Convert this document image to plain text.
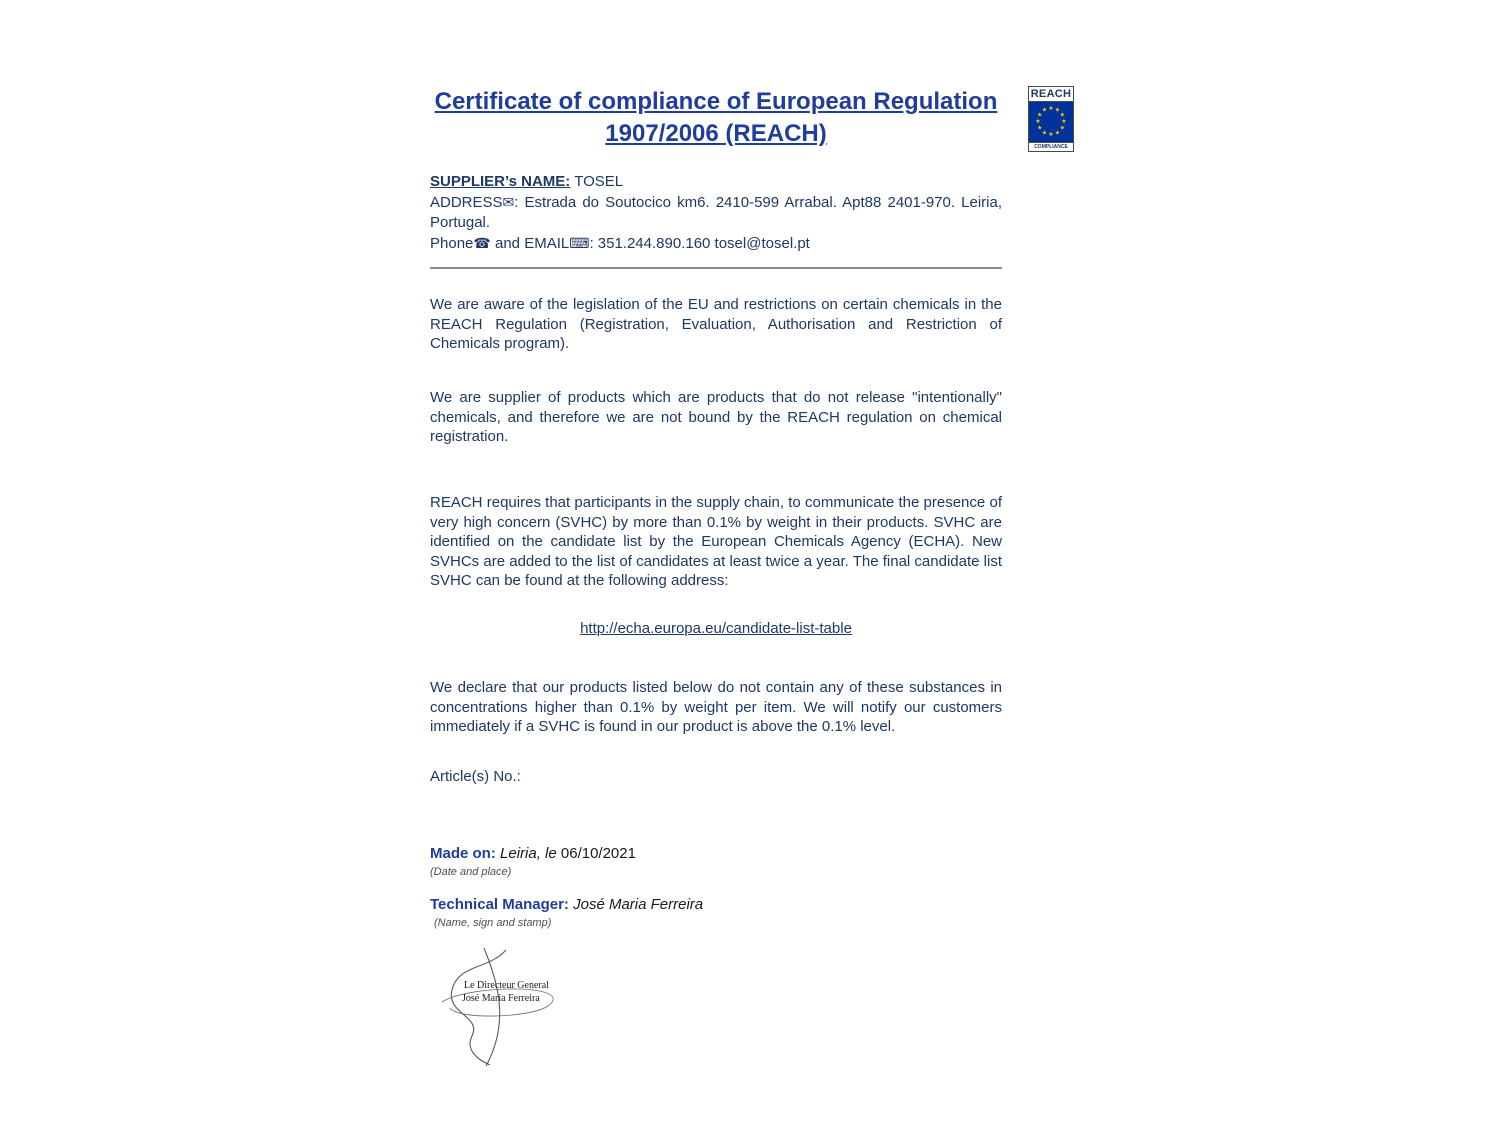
Certificate of compliance of European Regulation
1907/2006 (REACH)
REACH
★ ★
★
★
★
★
★
★
★
★
★
★
COMPLIANCE
SUPPLIER’s NAME: TOSEL
ADDRESS✉: Estrada do Soutocico km6. 2410-599 Arrabal. Apt88 2401-970. Leiria, Portugal.
Phone☎ and EMAIL⌨: 351.244.890.160 tosel@tosel.pt
We are aware of the legislation of the EU and restrictions on certain chemicals in the REACH Regulation (Registration, Evaluation, Authorisation and Restriction of Chemicals program).
We are supplier of products which are products that do not release "intentionally" chemicals, and therefore we are not bound by the REACH regulation on chemical registration.
REACH requires that participants in the supply chain, to communicate the presence of very high concern (SVHC) by more than 0.1% by weight in their products. SVHC are identified on the candidate list by the European Chemicals Agency (ECHA). New SVHCs are added to the list of candidates at least twice a year. The final candidate list SVHC can be found at the following address:
http://echa.europa.eu/candidate-list-table
We declare that our products listed below do not contain any of these substances in concentrations higher than 0.1% by weight per item. We will notify our customers immediately if a SVHC is found in our product is above the 0.1% level.
Article(s) No.:
Made on: Leiria, le 06/10/2021
(Date and place)
Technical Manager: José Maria Ferreira
(Name, sign and stamp)
Le Directeur General
José Maria Ferreira
